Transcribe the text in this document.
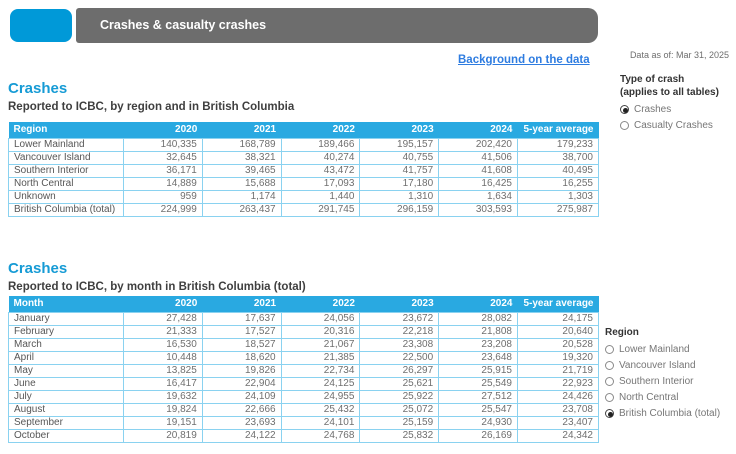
Crashes & casualty crashes
Background on the data	Data as of: Mar 31, 2025
Type of crash
(applies to all tables)
Crashes
Casualty Crashes
Region
Lower Mainland
Vancouver Island
Southern Interior
North Central
British Columbia (total)
Crashes
Reported to ICBC, by region and in British Columbia
Region	2020	2021	2022	2023	2024	5-year average
Lower Mainland	140,335	168,789	189,466	195,157	202,420	179,233
Vancouver Island	32,645	38,321	40,274	40,755	41,506	38,700
Southern Interior	36,171	39,465	43,472	41,757	41,608	40,495
North Central	14,889	15,688	17,093	17,180	16,425	16,255
Unknown	959	1,174	1,440	1,310	1,634	1,303
British Columbia (total)	224,999	263,437	291,745	296,159	303,593	275,987
Crashes
Reported to ICBC, by month in British Columbia (total)
Month	2020	2021	2022	2023	2024	5-year average
January	27,428	17,637	24,056	23,672	28,082	24,175
February	21,333	17,527	20,316	22,218	21,808	20,640
March	16,530	18,527	21,067	23,308	23,208	20,528
April	10,448	18,620	21,385	22,500	23,648	19,320
May	13,825	19,826	22,734	26,297	25,915	21,719
June	16,417	22,904	24,125	25,621	25,549	22,923
July	19,632	24,109	24,955	25,922	27,512	24,426
August	19,824	22,666	25,432	25,072	25,547	23,708
September	19,151	23,693	24,101	25,159	24,930	23,407
October	20,819	24,122	24,768	25,832	26,169	24,342
